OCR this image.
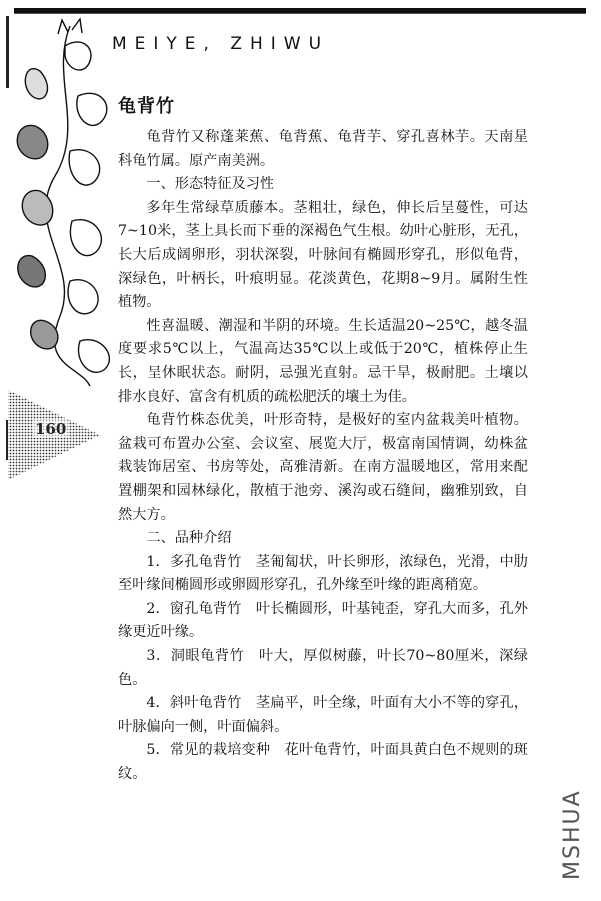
MEIYE, ZHIWU
160
龟背竹

龟背竹又称蓬莱蕉、龟背蕉、龟背芋、穿孔喜林芋。天南星科龟竹属。原产南美洲。

一、形态特征及习性

多年生常绿草质藤本。茎粗壮，绿色，伸长后呈蔓性，可达7~10米，茎上具长而下垂的深褐色气生根。幼叶心脏形，无孔，长大后成阔卵形，羽状深裂，叶脉间有椭圆形穿孔，形似龟背，深绿色，叶柄长，叶痕明显。花淡黄色，花期8~9月。属附生性植物。

性喜温暖、潮湿和半阴的环境。生长适温20~25℃，越冬温度要求5℃以上，气温高达35℃以上或低于20℃，植株停止生长，呈休眠状态。耐阴，忌强光直射。忌干旱，极耐肥。土壤以排水良好、富含有机质的疏松肥沃的壤土为佳。

龟背竹株态优美，叶形奇特，是极好的室内盆栽美叶植物。盆栽可布置办公室、会议室、展览大厅，极富南国情调，幼株盆栽装饰居室、书房等处，高雅清新。在南方温暖地区，常用来配置棚架和园林绿化，散植于池旁、溪沟或石缝间，幽雅别致，自然大方。

二、品种介绍

1．多孔龟背竹　茎匍匐状，叶长卵形，浓绿色，光滑，中肋至叶缘间椭圆形或卵圆形穿孔，孔外缘至叶缘的距离稍宽。

2．窗孔龟背竹　叶长椭圆形，叶基钝歪，穿孔大而多，孔外缘更近叶缘。

3．洞眼龟背竹　叶大，厚似树藤，叶长70~80厘米，深绿色。

4．斜叶龟背竹　茎扁平，叶全缘，叶面有大小不等的穿孔，叶脉偏向一侧，叶面偏斜。

5．常见的栽培变种　花叶龟背竹，叶面具黄白色不规则的斑纹。

MSHUA
